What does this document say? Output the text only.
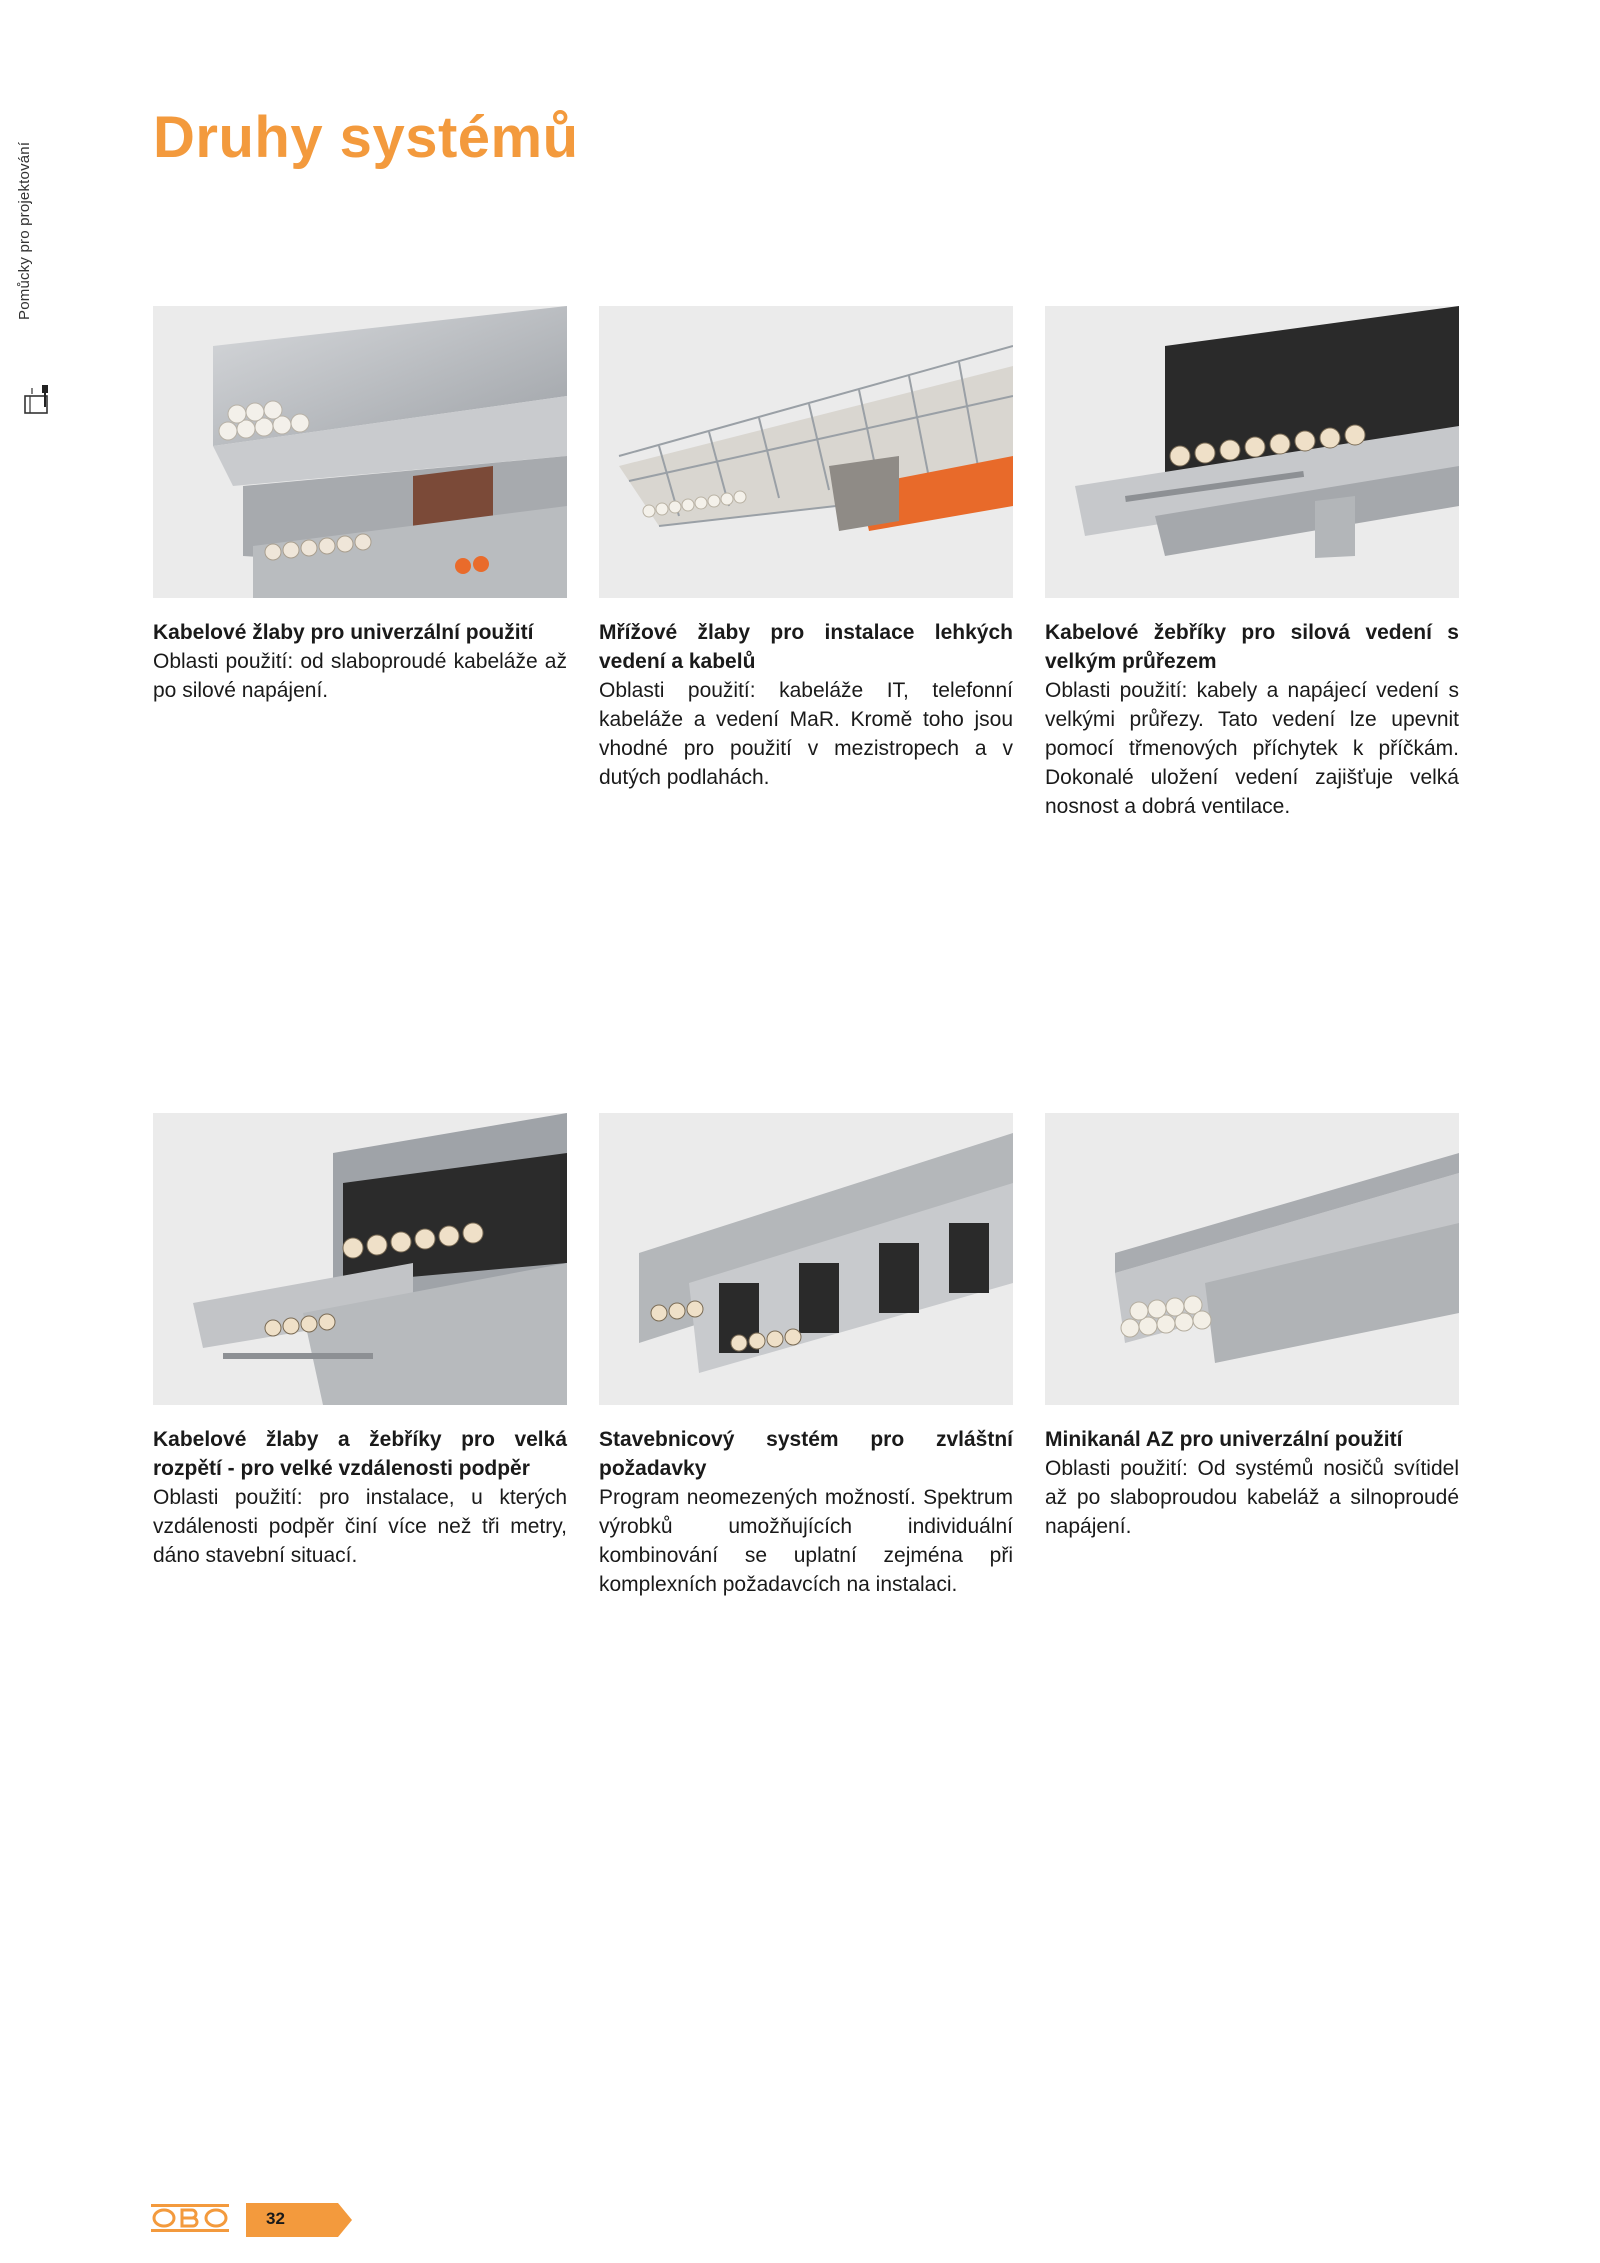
Pomůcky pro projektování
Druhy systémů
Kabelové žlaby pro univerzální použití

Oblasti použití: od slaboproudé kabeláže až po silové napájení.

Mřížové žlaby pro instalace lehkých vedení a kabelů

Oblasti použití: kabeláže IT, telefonní kabeláže a vedení MaR. Kromě toho jsou vhodné pro použití v mezistropech a v dutých podlahách.

Kabelové žebříky pro silová vedení s velkým průřezem

Oblasti použití: kabely a napájecí vedení s velkými průřezy. Tato vedení lze upevnit pomocí třmenových příchytek k příčkám. Dokonalé uložení vedení zajišťuje velká nosnost a dobrá ventilace.

Kabelové žlaby a žebříky pro velká rozpětí - pro velké vzdálenosti podpěr

Oblasti použití: pro instalace, u kterých vzdálenosti podpěr činí více než tři metry, dáno stavební situací.

Stavebnicový systém pro zvláštní požadavky

Program neomezených možností. Spektrum výrobků umožňujících individuální kombinování se uplatní zejména při komplexních požadavcích na instalaci.

Minikanál AZ pro univerzální použití

Oblasti použití: Od systémů nosičů svítidel až po slaboproudou kabeláž a silnoproudé napájení.

32
